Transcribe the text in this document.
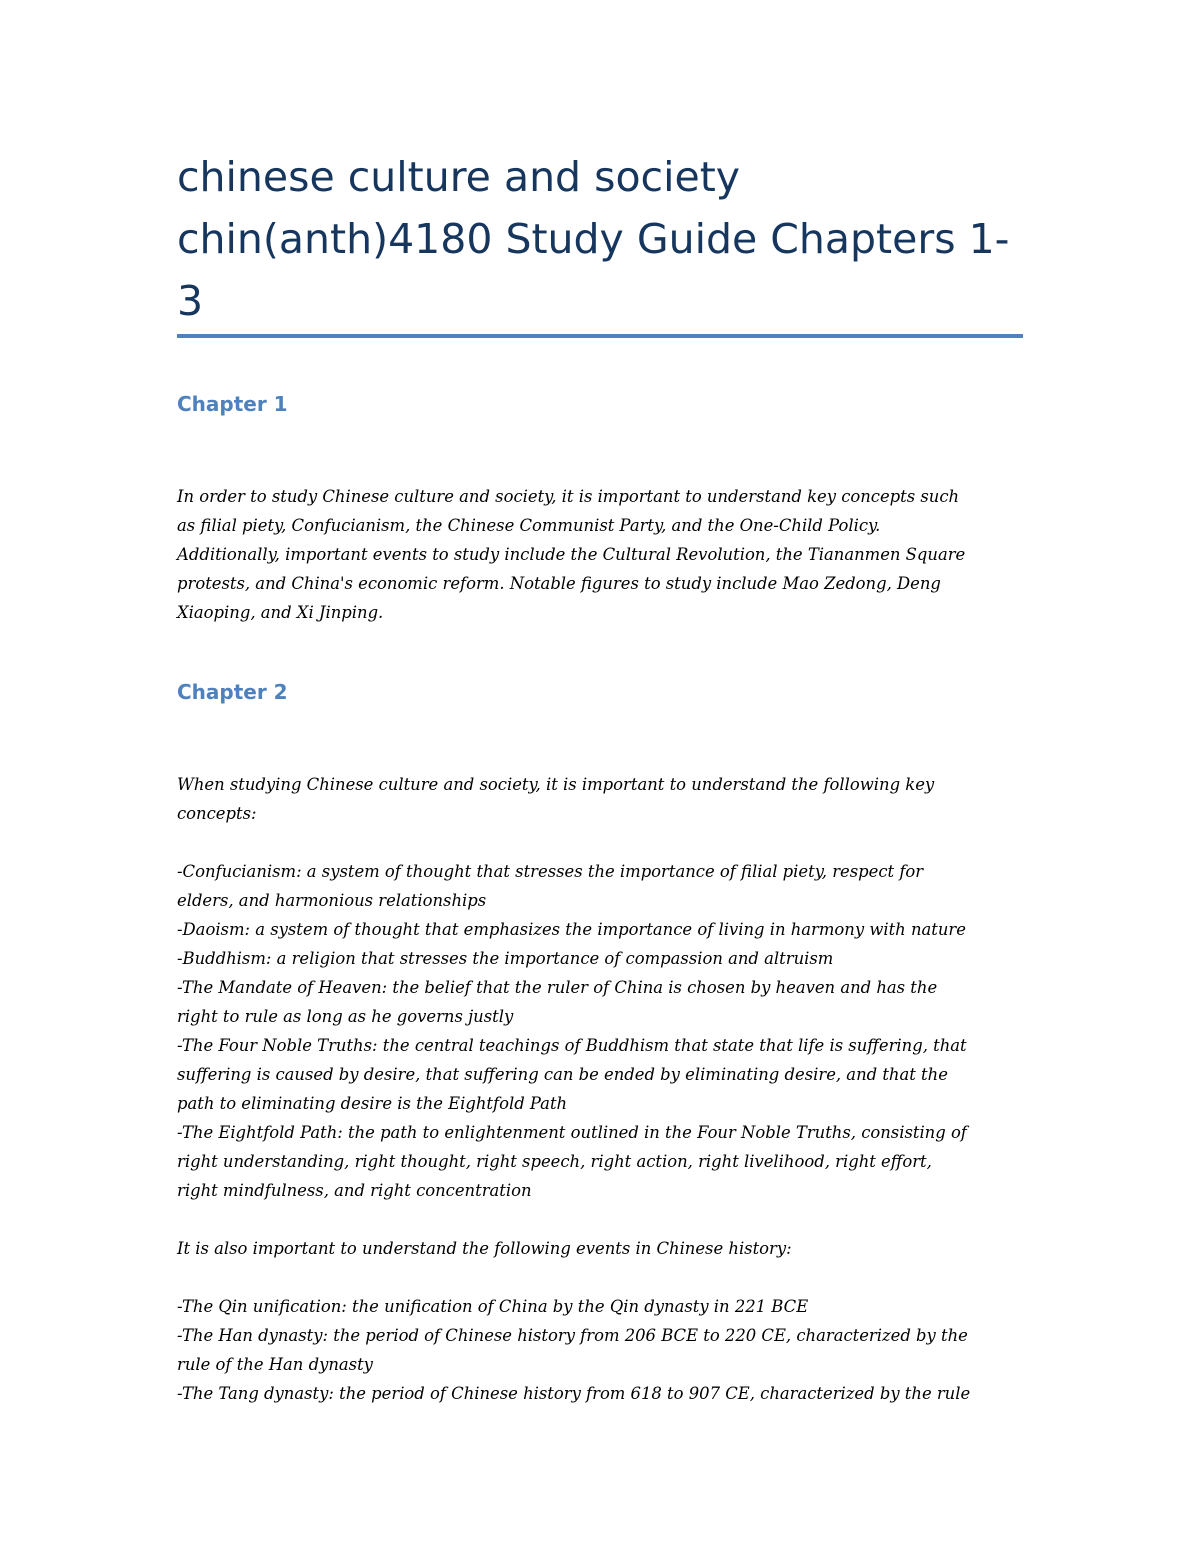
chinese culture and society
chin(anth)4180 Study Guide Chapters 1-
3
Chapter 1

In order to study Chinese culture and society, it is important to understand key concepts such
as filial piety, Confucianism, the Chinese Communist Party, and the One-Child Policy.
Additionally, important events to study include the Cultural Revolution, the Tiananmen Square
protests, and China's economic reform. Notable figures to study include Mao Zedong, Deng
Xiaoping, and Xi Jinping.

Chapter 2

When studying Chinese culture and society, it is important to understand the following key
concepts:

-Confucianism: a system of thought that stresses the importance of filial piety, respect for
elders, and harmonious relationships
-Daoism: a system of thought that emphasizes the importance of living in harmony with nature
-Buddhism: a religion that stresses the importance of compassion and altruism
-The Mandate of Heaven: the belief that the ruler of China is chosen by heaven and has the
right to rule as long as he governs justly
-The Four Noble Truths: the central teachings of Buddhism that state that life is suffering, that
suffering is caused by desire, that suffering can be ended by eliminating desire, and that the
path to eliminating desire is the Eightfold Path
-The Eightfold Path: the path to enlightenment outlined in the Four Noble Truths, consisting of
right understanding, right thought, right speech, right action, right livelihood, right effort,
right mindfulness, and right concentration

It is also important to understand the following events in Chinese history:

-The Qin unification: the unification of China by the Qin dynasty in 221 BCE
-The Han dynasty: the period of Chinese history from 206 BCE to 220 CE, characterized by the
rule of the Han dynasty
-The Tang dynasty: the period of Chinese history from 618 to 907 CE, characterized by the rule
